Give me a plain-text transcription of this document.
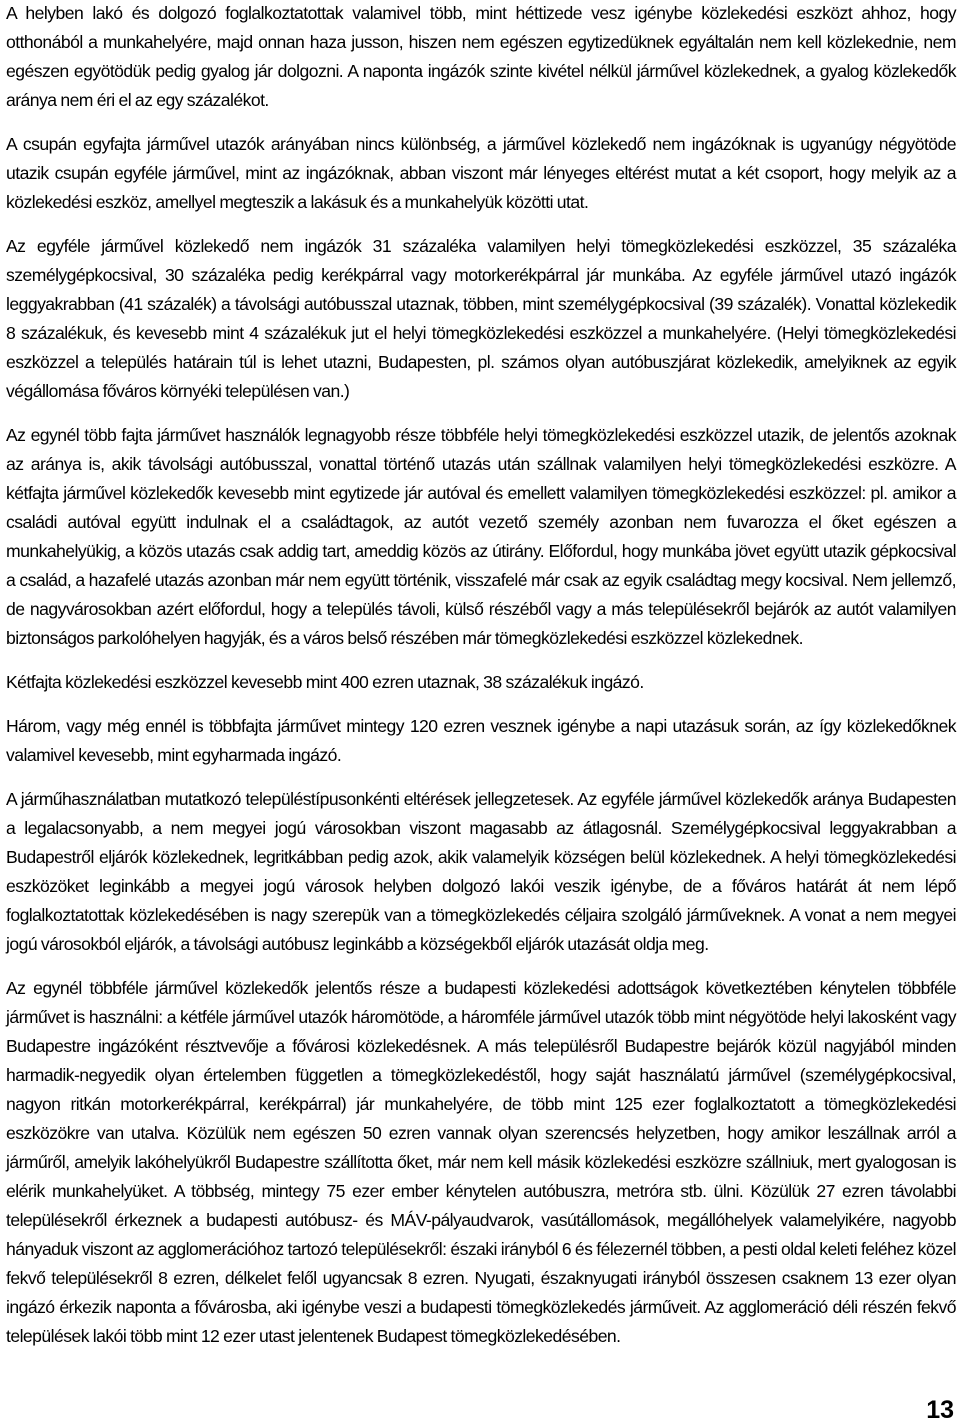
A helyben lakó és dolgozó foglalkoztatottak valamivel több, mint héttizede vesz igénybe közlekedési eszközt ahhoz, hogy otthonából a munkahelyére, majd onnan haza jusson, hiszen nem egészen egytizedüknek egyáltalán nem kell közlekednie, nem egészen egyötödük pedig gyalog jár dolgozni. A naponta ingázók szinte kivétel nélkül járművel közlekednek, a gyalog közlekedők aránya nem éri el az egy százalékot.

A csupán egyfajta járművel utazók arányában nincs különbség, a járművel közlekedő nem ingázóknak is ugyanúgy négyötöde utazik csupán egyféle járművel, mint az ingázóknak, abban viszont már lényeges eltérést mutat a két csoport, hogy melyik az a közlekedési eszköz, amellyel megteszik a lakásuk és a munkahelyük közötti utat.

Az egyféle járművel közlekedő nem ingázók 31 százaléka valamilyen helyi tömegközlekedési eszközzel, 35 százaléka személygépkocsival, 30 százaléka pedig kerékpárral vagy motorkerékpárral jár munkába. Az egyféle járművel utazó ingázók leggyakrabban (41 százalék) a távolsági autóbusszal utaznak, többen, mint személygépkocsival (39 százalék). Vonattal közlekedik 8 százalékuk, és kevesebb mint 4 százalékuk jut el helyi tömegközlekedési eszközzel a munkahelyére. (Helyi tömegközlekedési eszközzel a település határain túl is lehet utazni, Budapesten, pl. számos olyan autóbuszjárat közlekedik, amelyiknek az egyik végállomása főváros környéki településen van.)

Az egynél több fajta járművet használók legnagyobb része többféle helyi tömegközlekedési eszközzel utazik, de jelentős azoknak az aránya is, akik távolsági autóbusszal, vonattal történő utazás után szállnak valamilyen helyi tömegközlekedési eszközre. A kétfajta járművel közlekedők kevesebb mint egytizede jár autóval és emellett valamilyen tömegközlekedési eszközzel: pl. amikor a családi autóval együtt indulnak el a családtagok, az autót vezető személy azonban nem fuvarozza el őket egészen a munkahelyükig, a közös utazás csak addig tart, ameddig közös az útirány. Előfordul, hogy munkába jövet együtt utazik gépkocsival a család, a hazafelé utazás azonban már nem együtt történik, visszafelé már csak az egyik családtag megy kocsival. Nem jellemző, de nagyvárosokban azért előfordul, hogy a település távoli, külső részéből vagy a más településekről bejárók az autót valamilyen biztonságos parkolóhelyen hagyják, és a város belső részében már tömegközlekedési eszközzel közlekednek.

Kétfajta közlekedési eszközzel kevesebb mint 400 ezren utaznak, 38 százalékuk ingázó.

Három, vagy még ennél is többfajta járművet mintegy 120 ezren vesznek igénybe a napi utazásuk során, az így közlekedőknek valamivel kevesebb, mint egyharmada ingázó.

A járműhasználatban mutatkozó településtípusonkénti eltérések jellegzetesek. Az egyféle járművel közlekedők aránya Budapesten a legalacsonyabb, a nem megyei jogú városokban viszont magasabb az átlagosnál. Személygépkocsival leggyakrabban a Budapestről eljárók közlekednek, legritkábban pedig azok, akik valamelyik községen belül közlekednek. A helyi tömegközlekedési eszközöket leginkább a megyei jogú városok helyben dolgozó lakói veszik igénybe, de a főváros határát át nem lépő foglalkoztatottak közlekedésében is nagy szerepük van a tömegközlekedés céljaira szolgáló járműveknek. A vonat a nem megyei jogú városokból eljárók, a távolsági autóbusz leginkább a községekből eljárók utazását oldja meg.

Az egynél többféle járművel közlekedők jelentős része a budapesti közlekedési adottságok következtében kénytelen többféle járművet is használni: a kétféle járművel utazók háromötöde, a háromféle járművel utazók több mint négyötöde helyi lakosként vagy Budapestre ingázóként résztvevője a fővárosi közlekedésnek. A más településről Budapestre bejárók közül nagyjából minden harmadik-negyedik olyan értelemben független a tömegközlekedéstől, hogy saját használatú járművel (személygépkocsival, nagyon ritkán motorkerékpárral, kerékpárral) jár munkahelyére, de több mint 125 ezer foglalkoztatott a tömegközlekedési eszközökre van utalva. Közülük nem egészen 50 ezren vannak olyan szerencsés helyzetben, hogy amikor leszállnak arról a járműről, amelyik lakóhelyükről Budapestre szállította őket, már nem kell másik közlekedési eszközre szállniuk, mert gyalogosan is elérik munkahelyüket. A többség, mintegy 75 ezer ember kénytelen autóbuszra, metróra stb. ülni. Közülük 27 ezren távolabbi településekről érkeznek a budapesti autóbusz- és MÁV-pályaudvarok, vasútállomások, megállóhelyek valamelyikére, nagyobb hányaduk viszont az agglomerációhoz tartozó településekről: északi irányból 6 és félezernél többen, a pesti oldal keleti feléhez közel fekvő településekről 8 ezren, délkelet felől ugyancsak 8 ezren. Nyugati, északnyugati irányból összesen csaknem 13 ezer olyan ingázó érkezik naponta a fővárosba, aki igénybe veszi a budapesti tömegközlekedés járműveit. Az agglomeráció déli részén fekvő települések lakói több mint 12 ezer utast jelentenek Budapest tömegközlekedésében.

13
